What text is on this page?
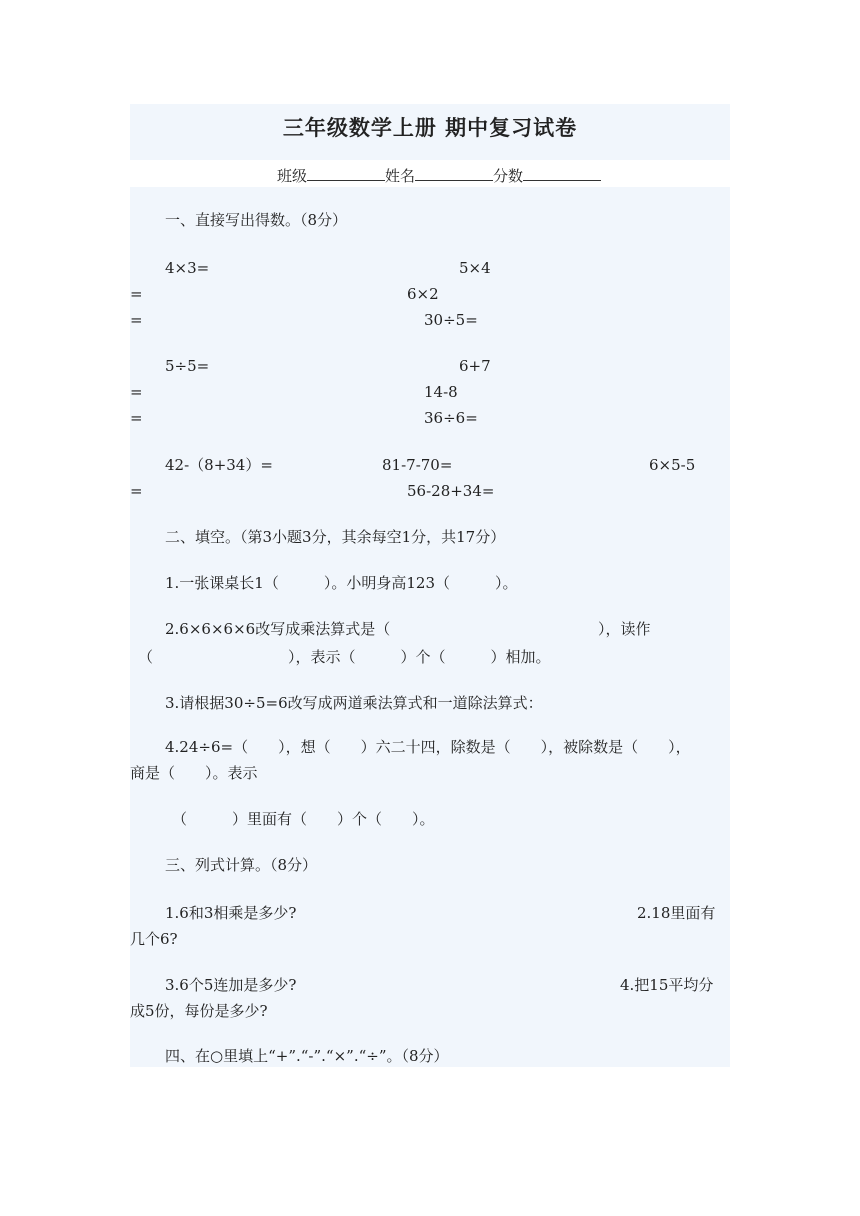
三年级数学上册 期中复习试卷
班级	姓名	分数
一、直接写出得数。（8分）
4×3=	5×4
=	6×2
=	30÷5=
5÷5=	6+7
=	14-8
=	36÷6=
42-（8+34）=	81-7-70=	6×5-5
=	56-28+34=
二、填空。（第3小题3分，其余每空1分，共17分）
1.一张课桌长1（　　　）。小明身高123（　　　）。
2.6×6×6×6改写成乘法算式是（	），读作
（　　　　　　　　　），表示（　　　）个（　　　）相加。
3.请根据30÷5=6改写成两道乘法算式和一道除法算式：
4.24÷6=（　　），想（　　）六二十四，除数是（　　），被除数是（　　），
商是（　　）。表示
（　　　）里面有（　　）个（　　）。
三、列式计算。（8分）
1.6和3相乘是多少?	2.18里面有
几个6?
3.6个5连加是多少?	4.把15平均分
成5份，每份是多少?
四、在○里填上“+”.“-”.“×”.“÷”。（8分）
